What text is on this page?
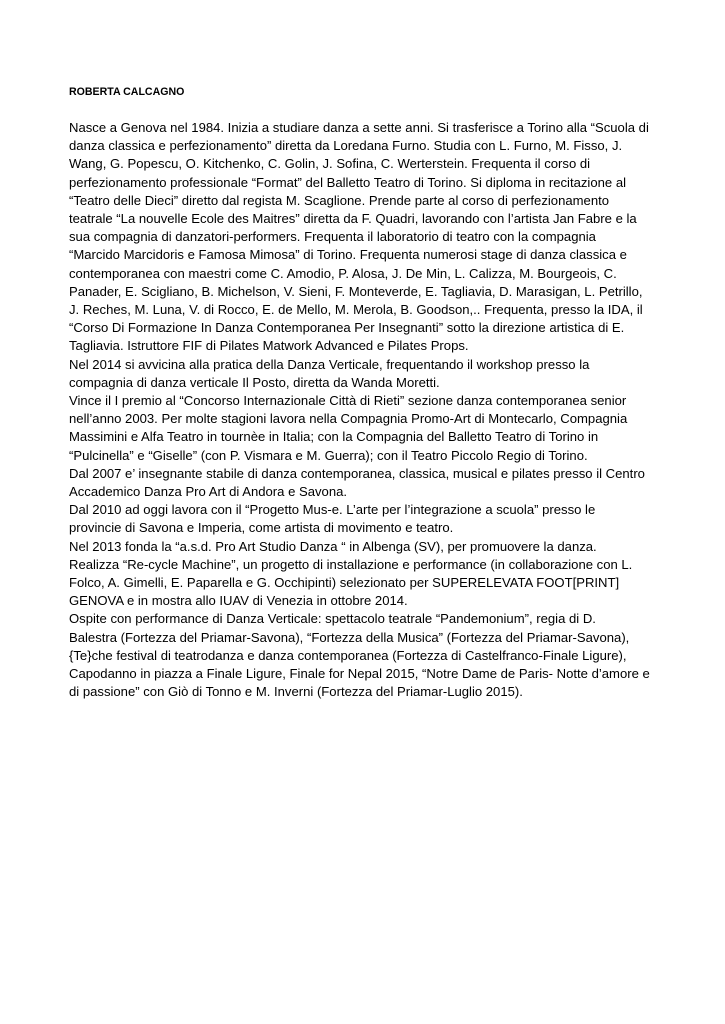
ROBERTA CALCAGNO
Nasce a Genova nel 1984. Inizia a studiare danza a sette anni. Si trasferisce a Torino alla “Scuola di
danza classica e perfezionamento” diretta da Loredana Furno. Studia con L. Furno, M. Fisso, J.
Wang, G. Popescu, O. Kitchenko, C. Golin, J. Sofina, C. Werterstein. Frequenta il corso di
perfezionamento professionale “Format” del Balletto Teatro di Torino. Si diploma in recitazione al
“Teatro delle Dieci” diretto dal regista M. Scaglione. Prende parte al corso di perfezionamento
teatrale “La nouvelle Ecole des Maitres” diretta da F. Quadri, lavorando con l’artista Jan Fabre e la
sua compagnia di danzatori-performers. Frequenta il laboratorio di teatro con la compagnia
“Marcido Marcidoris e Famosa Mimosa” di Torino. Frequenta numerosi stage di danza classica e
contemporanea con maestri come C. Amodio, P. Alosa, J. De Min, L. Calizza, M. Bourgeois, C.
Panader, E. Scigliano, B. Michelson, V. Sieni, F. Monteverde, E. Tagliavia, D. Marasigan, L. Petrillo,
J. Reches, M. Luna, V. di Rocco, E. de Mello, M. Merola, B. Goodson,.. Frequenta, presso la IDA, il
“Corso Di Formazione In Danza Contemporanea Per Insegnanti” sotto la direzione artistica di E.
Tagliavia. Istruttore FIF di Pilates Matwork Advanced e Pilates Props.
Nel 2014 si avvicina alla pratica della Danza Verticale, frequentando il workshop presso la
compagnia di danza verticale Il Posto, diretta da Wanda Moretti.
Vince il I premio al “Concorso Internazionale Città di Rieti” sezione danza contemporanea senior
nell’anno 2003. Per molte stagioni lavora nella Compagnia Promo-Art di Montecarlo, Compagnia
Massimini e Alfa Teatro in tournèe in Italia; con la Compagnia del Balletto Teatro di Torino in
“Pulcinella” e “Giselle” (con P. Vismara e M. Guerra); con il Teatro Piccolo Regio di Torino.
Dal 2007 e’ insegnante stabile di danza contemporanea, classica, musical e pilates presso il Centro
Accademico Danza Pro Art di Andora e Savona.
Dal 2010 ad oggi lavora con il “Progetto Mus-e. L’arte per l’integrazione a scuola” presso le
provincie di Savona e Imperia, come artista di movimento e teatro.
Nel 2013 fonda la “a.s.d. Pro Art Studio Danza “ in Albenga (SV), per promuovere la danza.
Realizza “Re-cycle Machine”, un progetto di installazione e performance (in collaborazione con L.
Folco, A. Gimelli, E. Paparella e G. Occhipinti) selezionato per SUPERELEVATA FOOT[PRINT]
GENOVA e in mostra allo IUAV di Venezia in ottobre 2014.
Ospite con performance di Danza Verticale: spettacolo teatrale “Pandemonium”, regia di D.
Balestra (Fortezza del Priamar-Savona), “Fortezza della Musica” (Fortezza del Priamar-Savona),
{Te}che festival di teatrodanza e danza contemporanea (Fortezza di Castelfranco-Finale Ligure),
Capodanno in piazza a Finale Ligure, Finale for Nepal 2015, “Notre Dame de Paris- Notte d’amore e
di passione” con Giò di Tonno e M. Inverni (Fortezza del Priamar-Luglio 2015).
